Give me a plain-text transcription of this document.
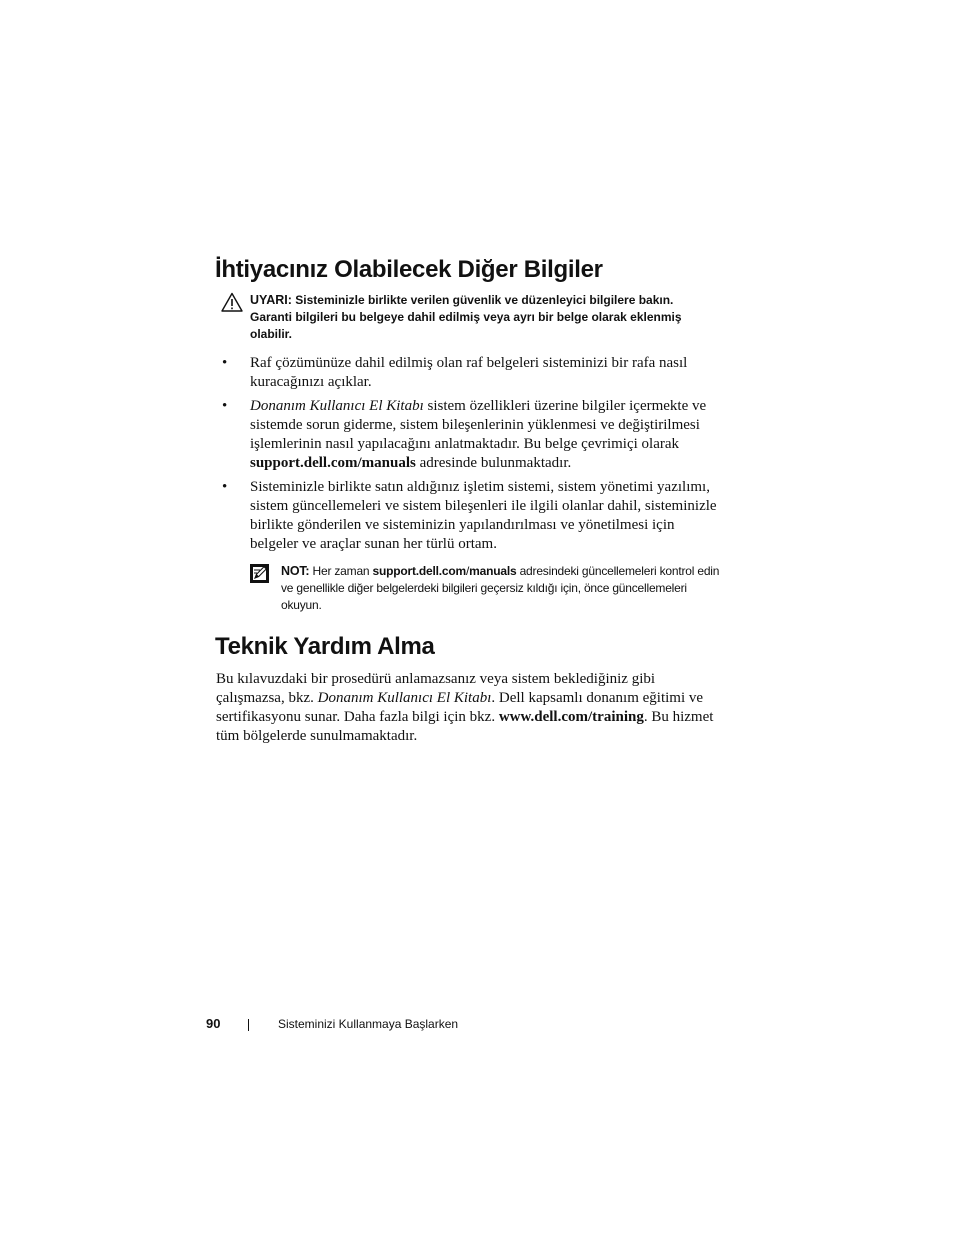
İhtiyacınız Olabilecek Diğer Bilgiler
UYARI: Sisteminizle birlikte verilen güvenlik ve düzenleyici bilgilere bakın. Garanti bilgileri bu belgeye dahil edilmiş veya ayrı bir belge olarak eklenmiş olabilir.
• Raf çözümünüze dahil edilmiş olan raf belgeleri sisteminizi bir rafa nasıl kuracağınızı açıklar.
• Donanım Kullanıcı El Kitabı sistem özellikleri üzerine bilgiler içermekte ve sistemde sorun giderme, sistem bileşenlerinin yüklenmesi ve değiştirilmesi işlemlerinin nasıl yapılacağını anlatmaktadır. Bu belge çevrimiçi olarak support.dell.com/manuals adresinde bulunmaktadır.
• Sisteminizle birlikte satın aldığınız işletim sistemi, sistem yönetimi yazılımı, sistem güncellemeleri ve sistem bileşenleri ile ilgili olanlar dahil, sisteminizle birlikte gönderilen ve sisteminizin yapılandırılması ve yönetilmesi için belgeler ve araçlar sunan her türlü ortam.
NOT: Her zaman support.dell.com/manuals adresindeki güncellemeleri kontrol edin ve genellikle diğer belgelerdeki bilgileri geçersiz kıldığı için, önce güncellemeleri okuyun.
Teknik Yardım Alma

Bu kılavuzdaki bir prosedürü anlamazsanız veya sistem beklediğiniz gibi çalışmazsa, bkz. Donanım Kullanıcı El Kitabı. Dell kapsamlı donanım eğitimi ve sertifikasyonu sunar. Daha fazla bilgi için bkz. www.dell.com/training. Bu hizmet tüm bölgelerde sunulmamaktadır.

90	Sisteminizi Kullanmaya Başlarken
